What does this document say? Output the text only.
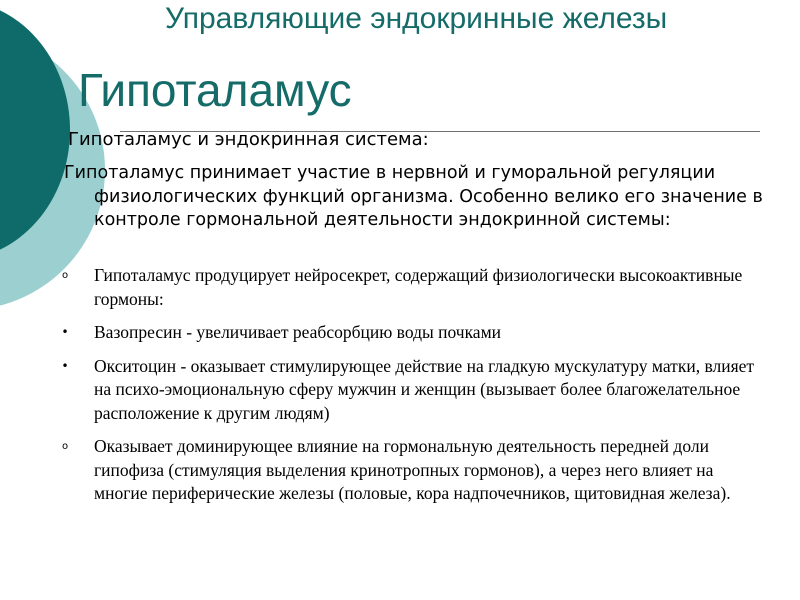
Управляющие эндокринные железы
Гипоталамус
Гипоталамус и эндокринная система:
Гипоталамус принимает участие в нервной и гуморальной регуляции физиологических функций организма. Особенно велико его значение в контроле гормональной деятельности эндокринной системы:
o Гипоталамус продуцирует нейросекрет, содержащий физиологически высокоактивные гормоны:
• Вазопресин - увеличивает реабсорбцию воды почками
• Окситоцин - оказывает стимулирующее действие на гладкую мускулатуру матки, влияет на психо-эмоциональную сферу мужчин и женщин (вызывает более благожелательное расположение к другим людям)
o Оказывает доминирующее влияние на гормональную деятельность передней доли гипофиза (стимуляция выделения кринотропных гормонов), а через него влияет на многие периферические железы (половые, кора надпочечников, щитовидная железа).
